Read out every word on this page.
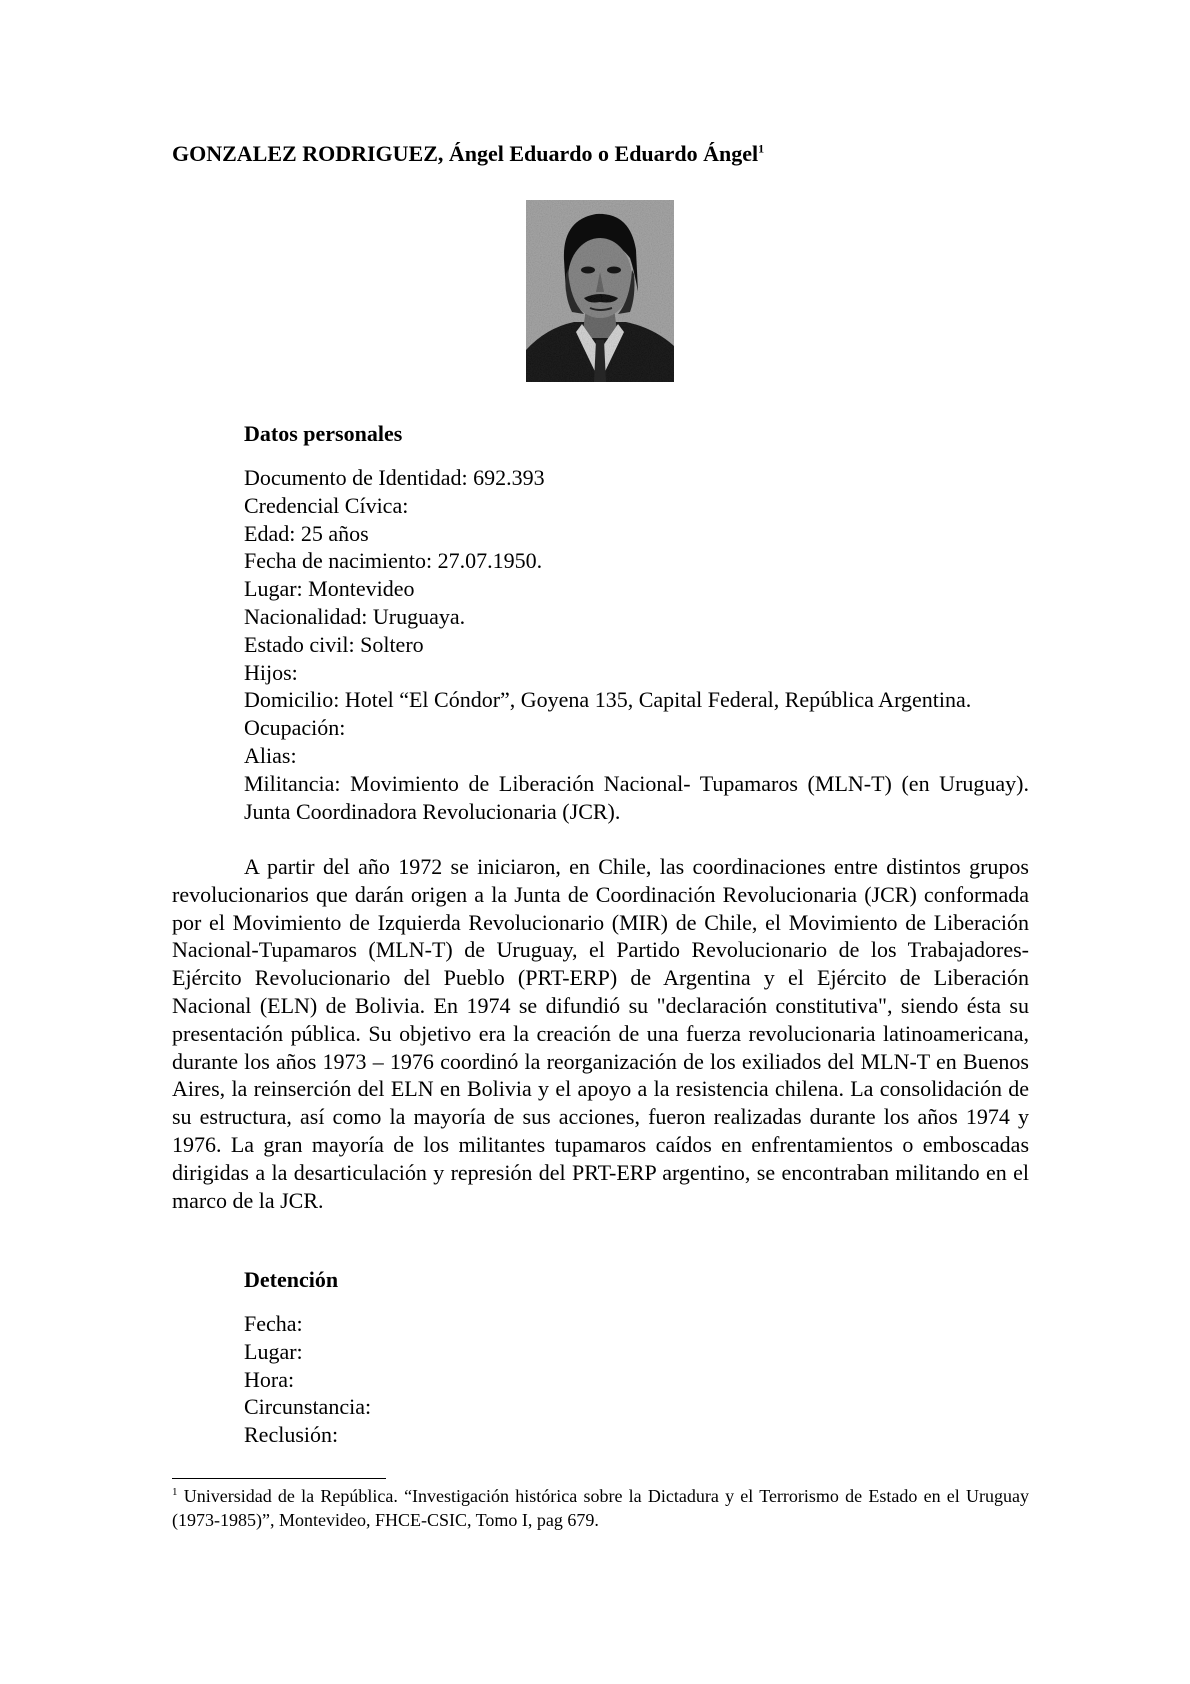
GONZALEZ RODRIGUEZ, Ángel Eduardo o Eduardo Ángel$^1$
Datos personales
Documento de Identidad: 692.393
Credencial Cívica:
Edad: 25 años
Fecha de nacimiento: 27.07.1950.
Lugar: Montevideo
Nacionalidad: Uruguaya.
Estado civil: Soltero
Hijos:
Domicilio: Hotel “El Cóndor”, Goyena 135, Capital Federal, República Argentina.
Ocupación:
Alias:
Militancia: Movimiento de Liberación Nacional- Tupamaros (MLN-T) (en Uruguay). Junta Coordinadora Revolucionaria (JCR).

A partir del año 1972 se iniciaron, en Chile, las coordinaciones entre distintos grupos revolucionarios que darán origen a la Junta de Coordinación Revolucionaria (JCR) conformada por el Movimiento de Izquierda Revolucionario (MIR) de Chile, el Movimiento de Liberación Nacional-Tupamaros (MLN-T) de Uruguay, el Partido Revolucionario de los Trabajadores-Ejército Revolucionario del Pueblo (PRT-ERP) de Argentina y el Ejército de Liberación Nacional (ELN) de Bolivia. En 1974 se difundió su "declaración constitutiva", siendo ésta su presentación pública. Su objetivo era la creación de una fuerza revolucionaria latinoamericana, durante los años 1973 – 1976 coordinó la reorganización de los exiliados del MLN-T en Buenos Aires, la reinserción del ELN en Bolivia y el apoyo a la resistencia chilena. La consolidación de su estructura, así como la mayoría de sus acciones, fueron realizadas durante los años 1974 y 1976. La gran mayoría de los militantes tupamaros caídos en enfrentamientos o emboscadas dirigidas a la desarticulación y represión del PRT-ERP argentino, se encontraban militando en el marco de la JCR.

Detención
Fecha:
Lugar:
Hora:
Circunstancia:
Reclusión:

$^1$ Universidad de la República. “Investigación histórica sobre la Dictadura y el Terrorismo de Estado en el Uruguay (1973-1985)”, Montevideo, FHCE-CSIC, Tomo I, pag 679.
